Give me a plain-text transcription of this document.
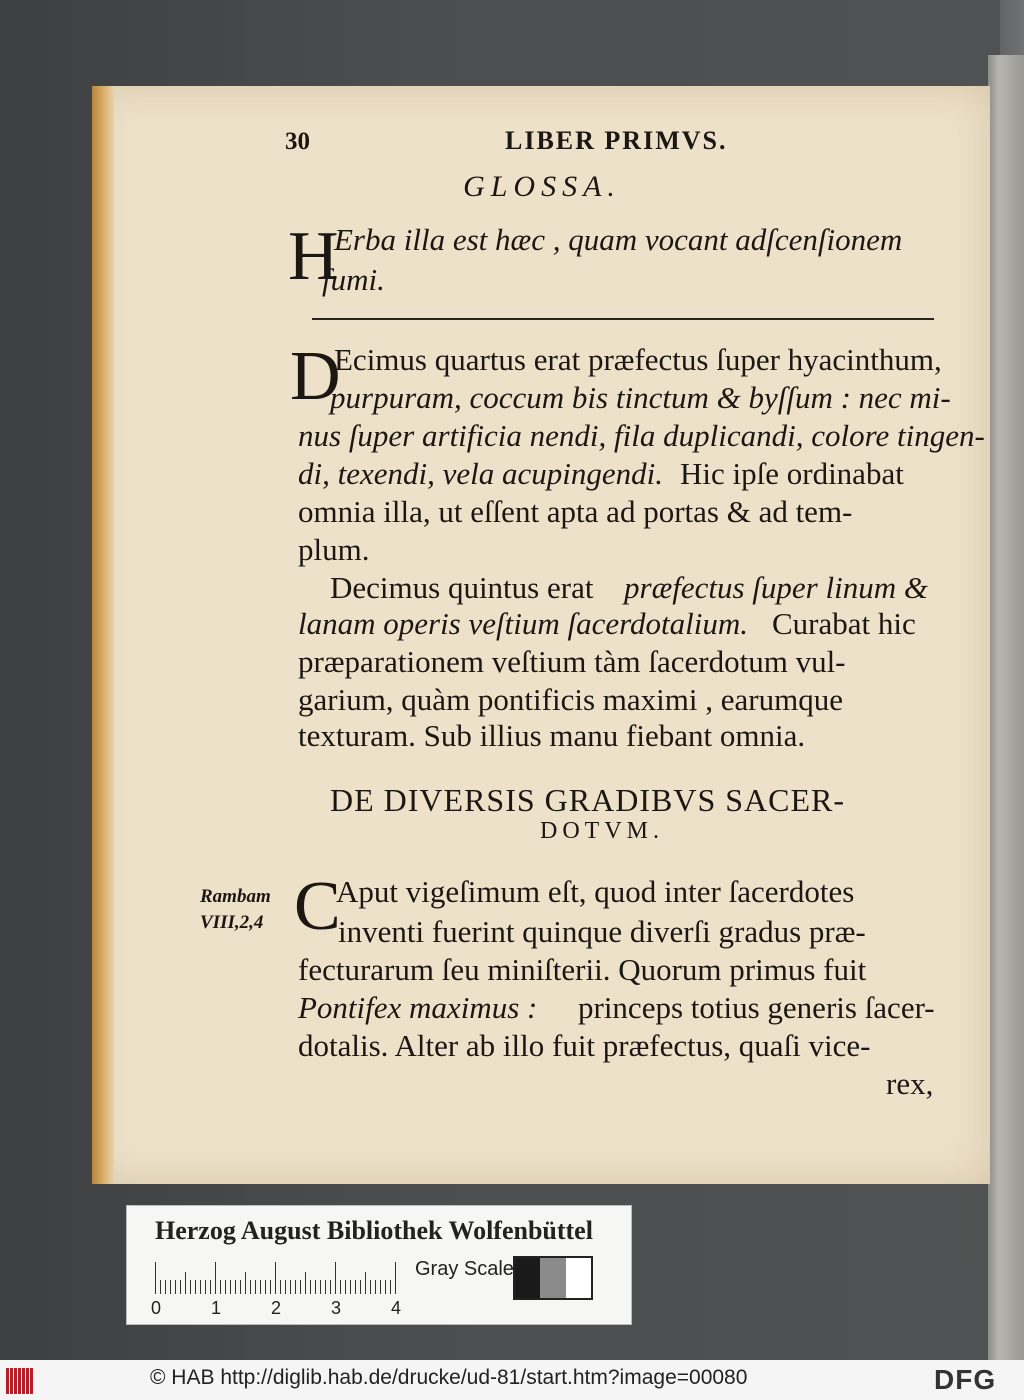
30	LIBER PRIMVS.
GLOSSA.
H
Erba illa est hæc , quam vocant adſcenſionem
fumi.
D
Ecimus quartus erat præfectus ſuper hyacinthum,
purpuram, coccum bis tinctum & byſſum : nec mi-
nus ſuper artificia nendi, fila duplicandi, colore tingen-
di, texendi, vela acupingendi. Hic ipſe ordinabat
omnia illa, ut eſſent apta ad portas & ad tem-
plum.
Decimus quintus erat præfectus ſuper linum &
lanam operis veſtium ſacerdotalium. Curabat hic
præparationem veſtium tàm ſacerdotum vul-
garium, quàm pontificis maximi , earumque
texturam. Sub illius manu fiebant omnia.
DE DIVERSIS GRADIBVS SACER-
DOTVM.
Rambam
VIII,2,4 C
Aput vigeſimum eſt, quod inter ſacerdotes
inventi fuerint quinque diverſi gradus præ-
fecturarum ſeu miniſterii. Quorum primus fuit
Pontifex maximus : princeps totius generis ſacer-
dotalis. Alter ab illo fuit præfectus, quaſi vice-
rex,
Herzog August Bibliothek Wolfenbüttel
0	1	2	3	4
Gray Scale
© HAB http://diglib.hab.de/drucke/ud-81/start.htm?image=00080	DFG
